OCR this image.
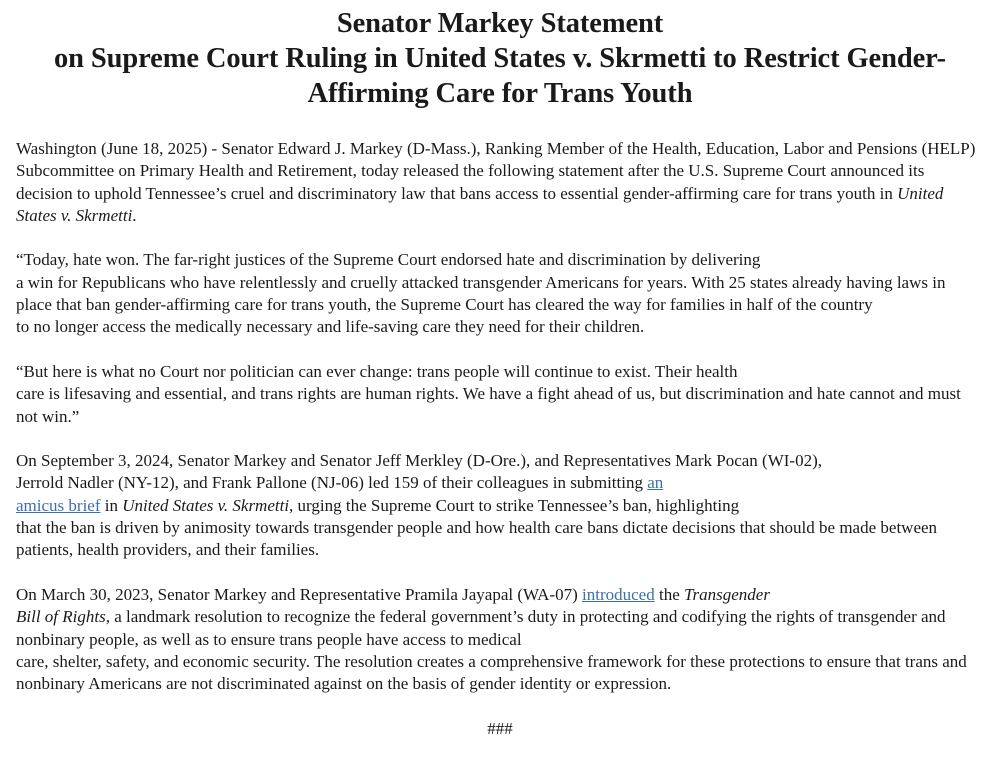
Senator Markey Statement
on Supreme Court Ruling in United States v. Skrmetti to Restrict Gender-
Affirming Care for Trans Youth

Washington (June 18, 2025) - Senator Edward J. Markey (D-Mass.), Ranking Member of the Health, Education, Labor and Pensions (HELP) Subcommittee on Primary Health and Retirement, today released the following statement after the U.S. Supreme Court announced its decision to uphold Tennessee’s cruel and discriminatory law that bans access to essential gender-affirming care for trans youth in United States v. Skrmetti.

“Today, hate won. The far-right justices of the Supreme Court endorsed hate and discrimination by delivering
a win for Republicans who have relentlessly and cruelly attacked transgender Americans for years. With 25 states already having laws in place that ban gender-affirming care for trans youth, the Supreme Court has cleared the way for families in half of the country
to no longer access the medically necessary and life-saving care they need for their children.

“But here is what no Court nor politician can ever change: trans people will continue to exist. Their health
care is lifesaving and essential, and trans rights are human rights. We have a fight ahead of us, but discrimination and hate cannot and must not win.”

On September 3, 2024, Senator Markey and Senator Jeff Merkley (D-Ore.), and Representatives Mark Pocan (WI-02),
Jerrold Nadler (NY-12), and Frank Pallone (NJ-06) led 159 of their colleagues in submitting an
amicus brief in United States v. Skrmetti, urging the Supreme Court to strike Tennessee’s ban, highlighting
that the ban is driven by animosity towards transgender people and how health care bans dictate decisions that should be made between patients, health providers, and their families.

On March 30, 2023, Senator Markey and Representative Pramila Jayapal (WA-07) introduced the Transgender
Bill of Rights, a landmark resolution to recognize the federal government’s duty in protecting and codifying the rights of transgender and nonbinary people, as well as to ensure trans people have access to medical
care, shelter, safety, and economic security. The resolution creates a comprehensive framework for these protections to ensure that trans and nonbinary Americans are not discriminated against on the basis of gender identity or expression.

###
